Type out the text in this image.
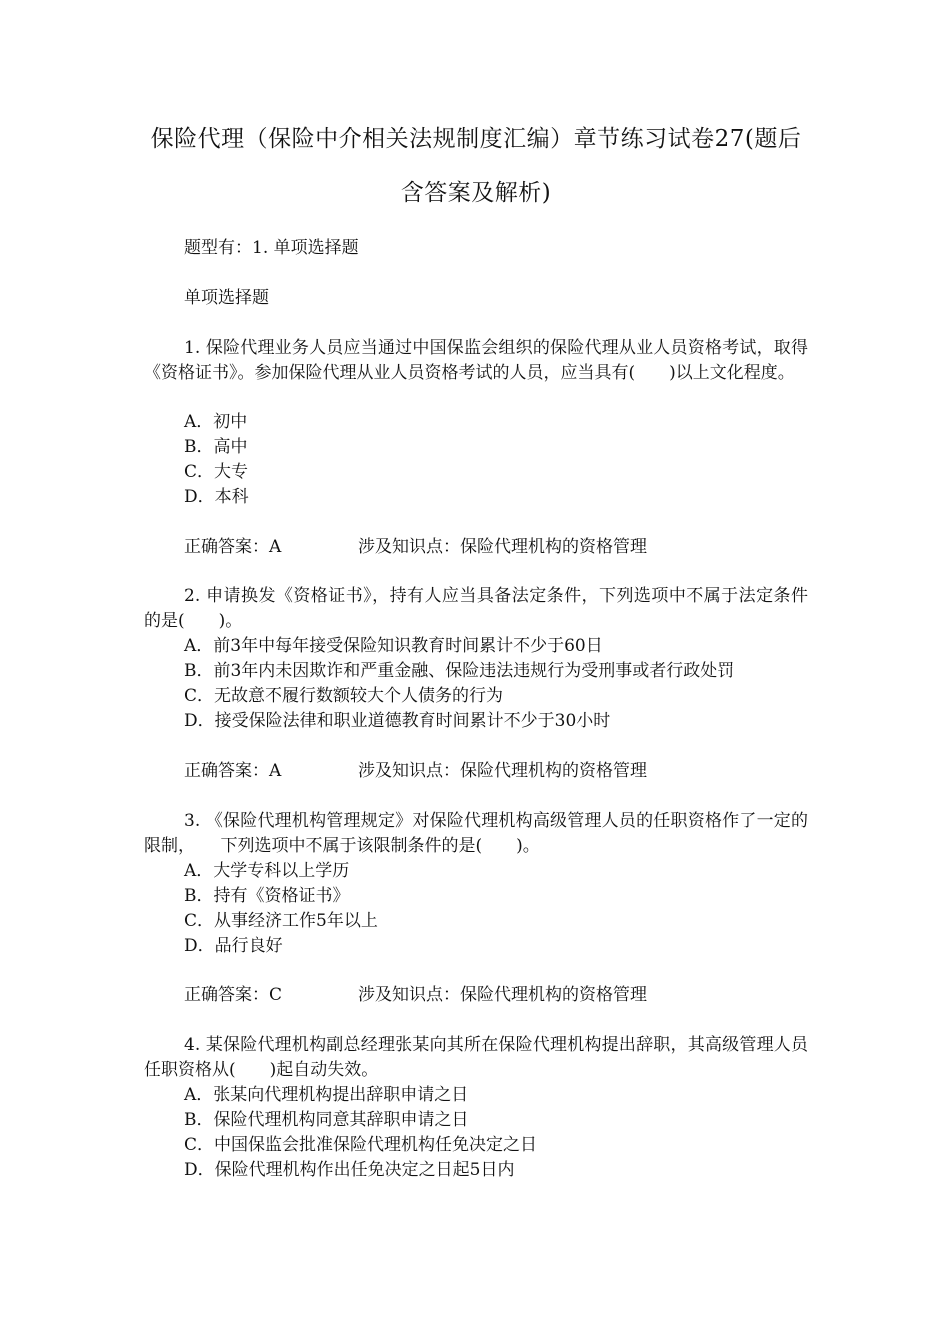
保险代理（保险中介相关法规制度汇编）章节练习试卷27(题后含答案及解析)
题型有：1. 单项选择题
单项选择题
1. 保险代理业务人员应当通过中国保监会组织的保险代理从业人员资格考试，取得《资格证书》。参加保险代理从业人员资格考试的人员，应当具有(　　)以上文化程度。
A．初中
B．高中
C．大专
D．本科
正确答案：A	涉及知识点：保险代理机构的资格管理
2. 申请换发《资格证书》，持有人应当具备法定条件，下列选项中不属于法定条件的是(　　)。
A．前3年中每年接受保险知识教育时间累计不少于60日
B．前3年内未因欺诈和严重金融、保险违法违规行为受刑事或者行政处罚
C．无故意不履行数额较大个人债务的行为
D．接受保险法律和职业道德教育时间累计不少于30小时
正确答案：A	涉及知识点：保险代理机构的资格管理
3. 《保险代理机构管理规定》对保险代理机构高级管理人员的任职资格作了一定的限制，　　下列选项中不属于该限制条件的是(　　)。
A．大学专科以上学历
B．持有《资格证书》
C．从事经济工作5年以上
D．品行良好
正确答案：C	涉及知识点：保险代理机构的资格管理
4. 某保险代理机构副总经理张某向其所在保险代理机构提出辞职，其高级管理人员任职资格从(　　)起自动失效。
A．张某向代理机构提出辞职申请之日
B．保险代理机构同意其辞职申请之日
C．中国保监会批准保险代理机构任免决定之日
D．保险代理机构作出任免决定之日起5日内
